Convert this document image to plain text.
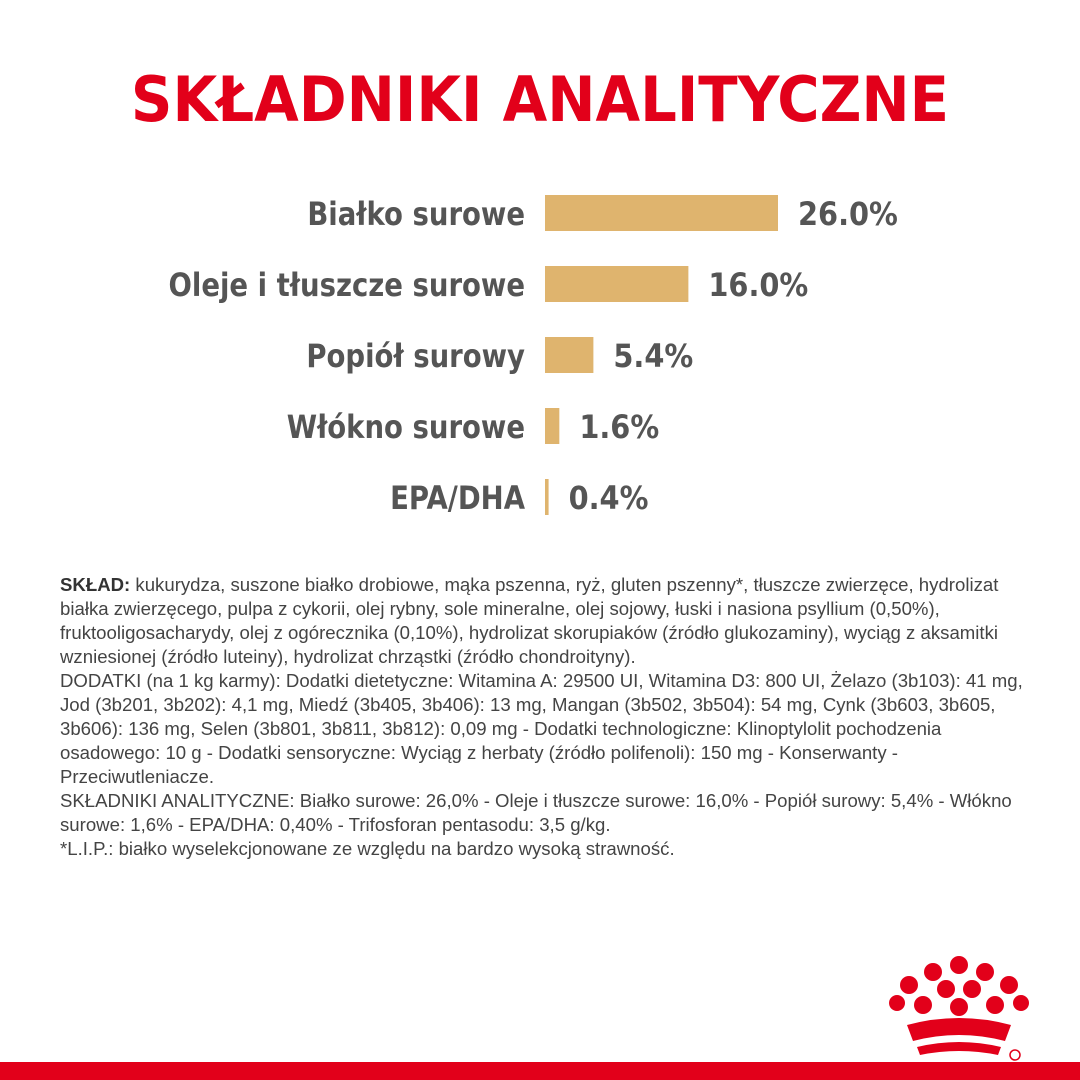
SKŁADNIKI ANALITYCZNE
Białko surowe	26.0%
Oleje i tłuszcze surowe	16.0%
Popiół surowy	5.4%
Włókno surowe 1.6%
EPA/DHA 0.4%

SKŁAD: kukurydza, suszone białko drobiowe, mąka pszenna, ryż, gluten pszenny*, tłuszcze zwierzęce, hydrolizat białka zwierzęcego, pulpa z cykorii, olej rybny, sole mineralne, olej sojowy, łuski i nasiona psyllium (0,50%), fruktooligosacharydy, olej z ogórecznika (0,10%), hydrolizat skorupiaków (źródło glukozaminy), wyciąg z aksamitki wzniesionej (źródło luteiny), hydrolizat chrząstki (źródło chondroityny).

DODATKI (na 1 kg karmy): Dodatki dietetyczne: Witamina A: 29500 UI, Witamina D3: 800 UI, Żelazo (3b103): 41 mg, Jod (3b201, 3b202): 4,1 mg, Miedź (3b405, 3b406): 13 mg, Mangan (3b502, 3b504): 54 mg, Cynk (3b603, 3b605, 3b606): 136 mg, Selen (3b801, 3b811, 3b812): 0,09 mg - Dodatki technologiczne: Klinoptylolit pochodzenia osadowego: 10 g - Dodatki sensoryczne: Wyciąg z herbaty (źródło polifenoli): 150 mg - Konserwanty - Przeciwutleniacze.

SKŁADNIKI ANALITYCZNE: Białko surowe: 26,0% - Oleje i tłuszcze surowe: 16,0% - Popiół surowy: 5,4% - Włókno surowe: 1,6% - EPA/DHA: 0,40% - Trifosforan pentasodu: 3,5 g/kg.

*L.I.P.: białko wyselekcjonowane ze względu na bardzo wysoką strawność.
